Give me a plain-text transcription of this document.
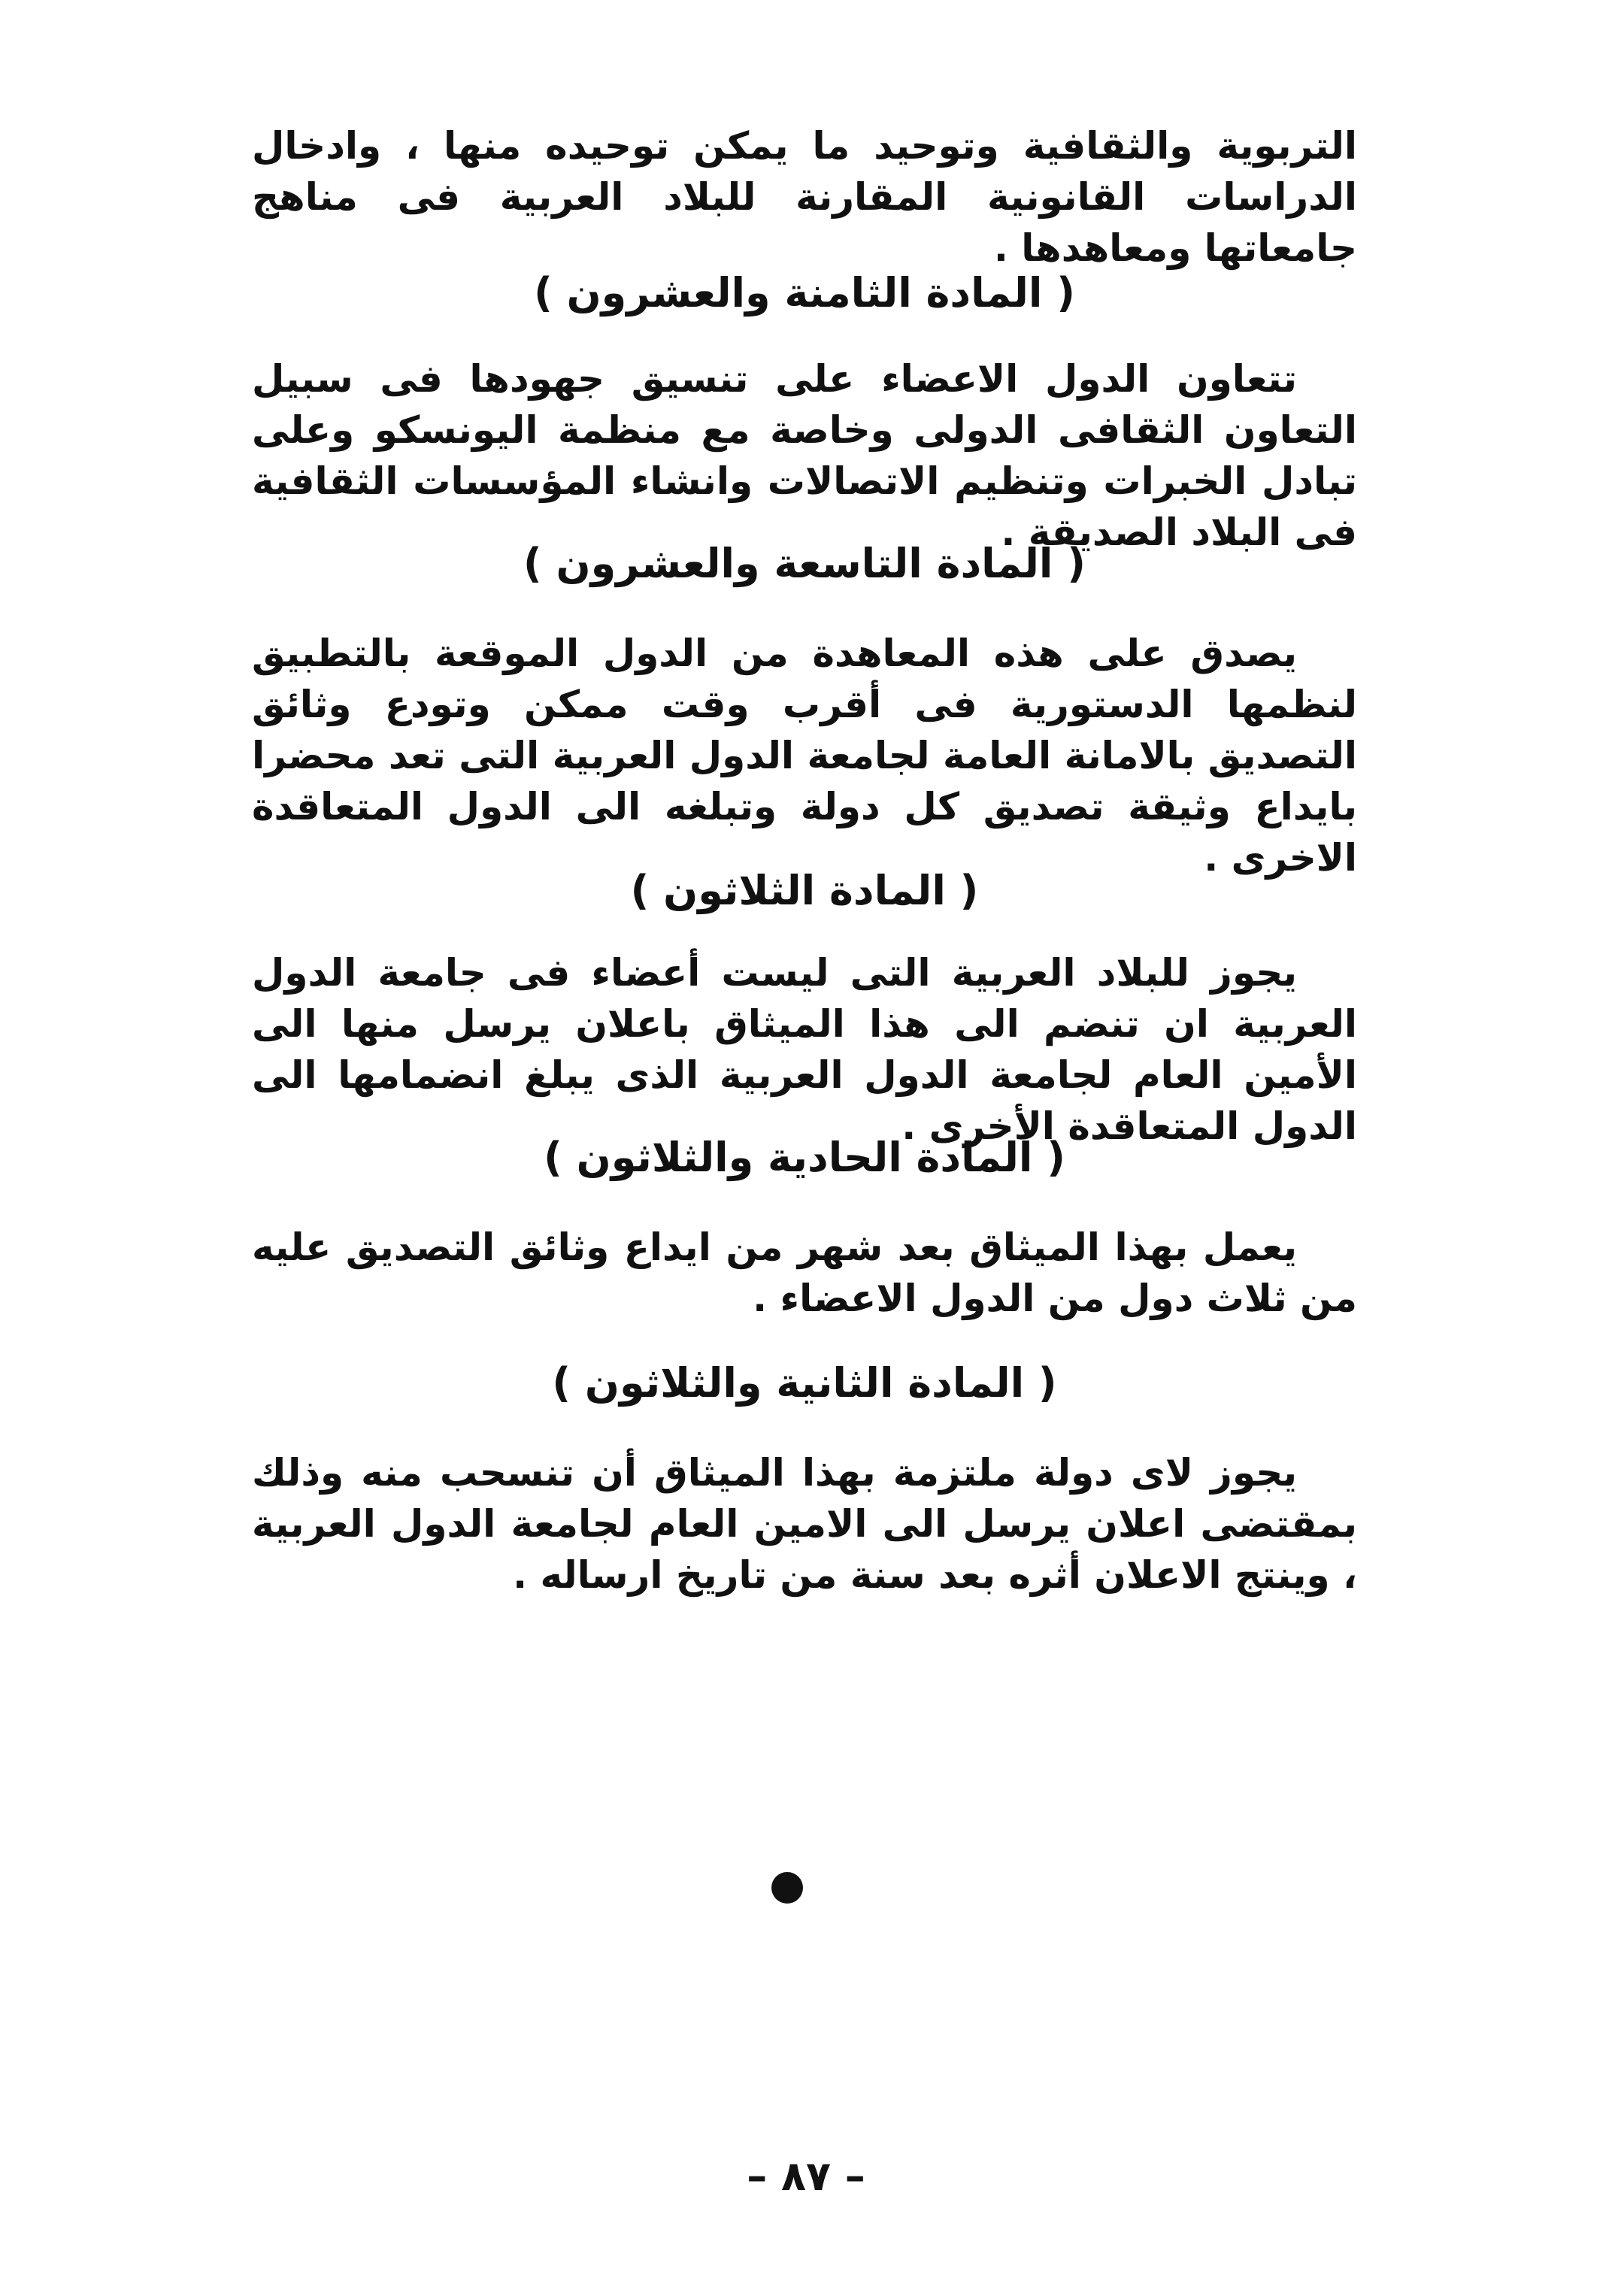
التربوية والثقافية وتوحيد ما يمكن توحيده منها ، وادخال الدراسات القانونية المقارنة للبلاد العربية فى مناهج جامعاتها ومعاهدها .

( المادة الثامنة والعشرون )

تتعاون الدول الاعضاء على تنسيق جهودها فى سبيل التعاون الثقافى الدولى وخاصة مع منظمة اليونسكو وعلى تبادل الخبرات وتنظيم الاتصالات وانشاء المؤسسات الثقافية فى البلاد الصديقة .

( المادة التاسعة والعشرون )

يصدق على هذه المعاهدة من الدول الموقعة بالتطبيق لنظمها الدستورية فى أقرب وقت ممكن وتودع وثائق التصديق بالامانة العامة لجامعة الدول العربية التى تعد محضرا بايداع وثيقة تصديق كل دولة وتبلغه الى الدول المتعاقدة الاخرى .

( المادة الثلاثون )

يجوز للبلاد العربية التى ليست أعضاء فى جامعة الدول العربية ان تنضم الى هذا الميثاق باعلان يرسل منها الى الأمين العام لجامعة الدول العربية الذى يبلغ انضمامها الى الدول المتعاقدة الأخرى .

( المادة الحادية والثلاثون )

يعمل بهذا الميثاق بعد شهر من ايداع وثائق التصديق عليه من ثلاث دول من الدول الاعضاء .

( المادة الثانية والثلاثون )

يجوز لاى دولة ملتزمة بهذا الميثاق أن تنسحب منه وذلك بمقتضى اعلان يرسل الى الامين العام لجامعة الدول العربية ، وينتج الاعلان أثره بعد سنة من تاريخ ارساله .

– ٨٧ –
